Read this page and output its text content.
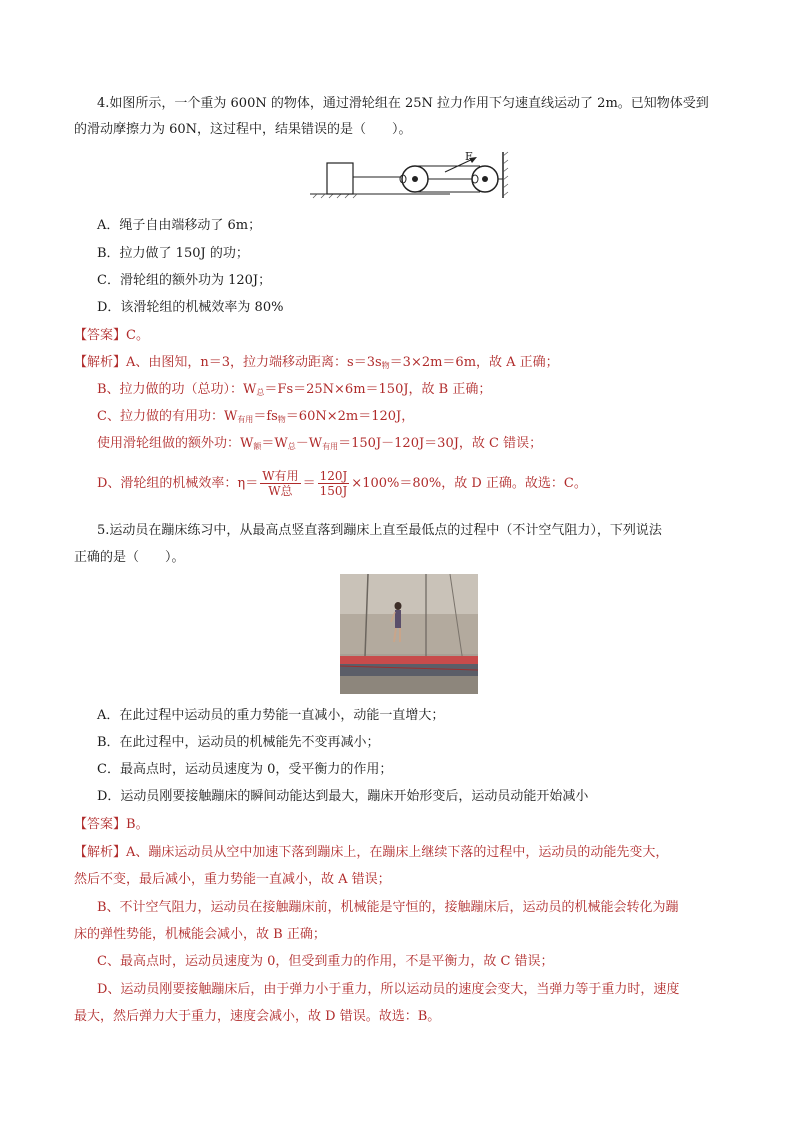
4.如图所示，一个重为 600N 的物体，通过滑轮组在 25N 拉力作用下匀速直线运动了 2m。已知物体受到
的滑动摩擦力为 60N，这过程中，结果错误的是（　　）。
F
A．绳子自由端移动了 6m；
B．拉力做了 150J 的功；
C．滑轮组的额外功为 120J；
D．该滑轮组的机械效率为 80%
【答案】C。
【解析】A、由图知，n＝3，拉力端移动距离：$s=3s_物=3\times 2m=6m$，故 A 正确；
B、拉力做的功（总功）：$W_总=Fs=25N\times 6m=150J$，故 B 正确；
C、拉力做的有用功：$W_{有用}=fs_物=60N\times 2m=120J$，
使用滑轮组做的额外功：$W_额=W_总-W_{有用}=150J-120J=30J$，故 C 错误；
D、滑轮组的机械效率：$\eta= \frac{\text{W有用}}{\text{W总}} = \frac{120J}{150J} \times 100\%=80\%$，故 D 正确。故选：C。
5.运动员在蹦床练习中，从最高点竖直落到蹦床上直至最低点的过程中（不计空气阻力），下列说法
正确的是（　　）。
A．在此过程中运动员的重力势能一直减小，动能一直增大；
B．在此过程中，运动员的机械能先不变再减小；
C．最高点时，运动员速度为 0，受平衡力的作用；
D．运动员刚要接触蹦床的瞬间动能达到最大，蹦床开始形变后，运动员动能开始减小
【答案】B。
【解析】A、蹦床运动员从空中加速下落到蹦床上，在蹦床上继续下落的过程中，运动员的动能先变大，
然后不变，最后减小，重力势能一直减小，故 A 错误；
B、不计空气阻力，运动员在接触蹦床前，机械能是守恒的，接触蹦床后，运动员的机械能会转化为蹦
床的弹性势能，机械能会减小，故 B 正确；
C、最高点时，运动员速度为 0，但受到重力的作用，不是平衡力，故 C 错误；
D、运动员刚要接触蹦床后，由于弹力小于重力，所以运动员的速度会变大，当弹力等于重力时，速度
最大，然后弹力大于重力，速度会减小，故 D 错误。故选：B。
